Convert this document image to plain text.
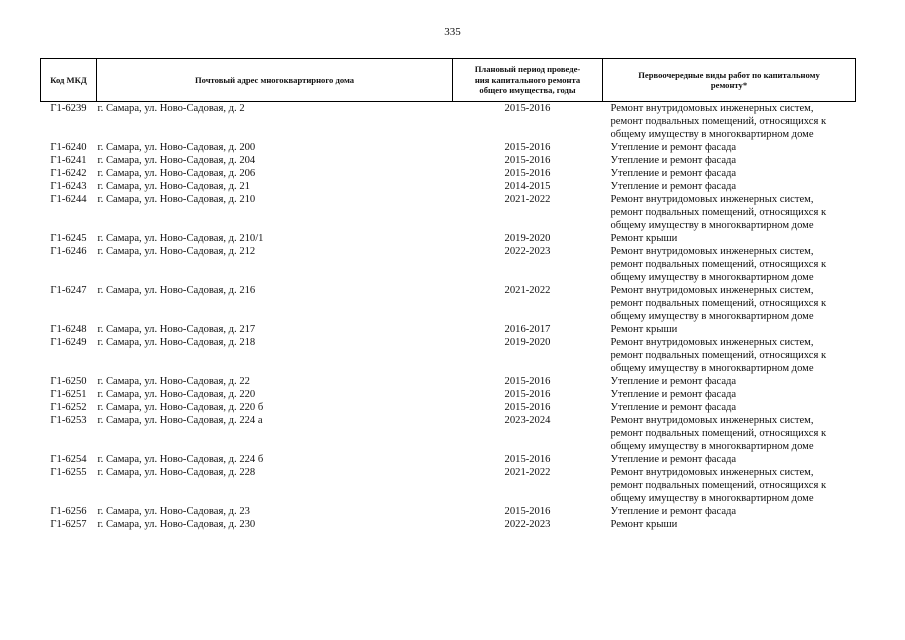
335
Код МКД	Почтовый адрес многоквартирного дома	Плановый период проведе-
ния капитального ремонта
общего имущества, годы	Первоочередные виды работ по капитальному
ремонту*

Г1-6239	г. Самара, ул. Ново-Садовая, д. 2	2015-2016	Ремонт внутридомовых инженерных систем,
ремонт подвальных помещений, относящихся к
общему имуществу в многоквартирном доме

Г1-6240	г. Самара, ул. Ново-Садовая, д. 200	2015-2016	Утепление и ремонт фасада

Г1-6241	г. Самара, ул. Ново-Садовая, д. 204	2015-2016	Утепление и ремонт фасада

Г1-6242	г. Самара, ул. Ново-Садовая, д. 206	2015-2016	Утепление и ремонт фасада

Г1-6243	г. Самара, ул. Ново-Садовая, д. 21	2014-2015	Утепление и ремонт фасада

Г1-6244	г. Самара, ул. Ново-Садовая, д. 210	2021-2022	Ремонт внутридомовых инженерных систем,
ремонт подвальных помещений, относящихся к
общему имуществу в многоквартирном доме

Г1-6245	г. Самара, ул. Ново-Садовая, д. 210/1	2019-2020	Ремонт крыши

Г1-6246	г. Самара, ул. Ново-Садовая, д. 212	2022-2023	Ремонт внутридомовых инженерных систем,
ремонт подвальных помещений, относящихся к
общему имуществу в многоквартирном доме

Г1-6247	г. Самара, ул. Ново-Садовая, д. 216	2021-2022	Ремонт внутридомовых инженерных систем,
ремонт подвальных помещений, относящихся к
общему имуществу в многоквартирном доме

Г1-6248	г. Самара, ул. Ново-Садовая, д. 217	2016-2017	Ремонт крыши

Г1-6249	г. Самара, ул. Ново-Садовая, д. 218	2019-2020	Ремонт внутридомовых инженерных систем,
ремонт подвальных помещений, относящихся к
общему имуществу в многоквартирном доме

Г1-6250	г. Самара, ул. Ново-Садовая, д. 22	2015-2016	Утепление и ремонт фасада

Г1-6251	г. Самара, ул. Ново-Садовая, д. 220	2015-2016	Утепление и ремонт фасада

Г1-6252	г. Самара, ул. Ново-Садовая, д. 220 б	2015-2016	Утепление и ремонт фасада

Г1-6253	г. Самара, ул. Ново-Садовая, д. 224 а	2023-2024	Ремонт внутридомовых инженерных систем,
ремонт подвальных помещений, относящихся к
общему имуществу в многоквартирном доме

Г1-6254	г. Самара, ул. Ново-Садовая, д. 224 б	2015-2016	Утепление и ремонт фасада

Г1-6255	г. Самара, ул. Ново-Садовая, д. 228	2021-2022	Ремонт внутридомовых инженерных систем,
ремонт подвальных помещений, относящихся к
общему имуществу в многоквартирном доме

Г1-6256	г. Самара, ул. Ново-Садовая, д. 23	2015-2016	Утепление и ремонт фасада

Г1-6257	г. Самара, ул. Ново-Садовая, д. 230	2022-2023	Ремонт крыши
